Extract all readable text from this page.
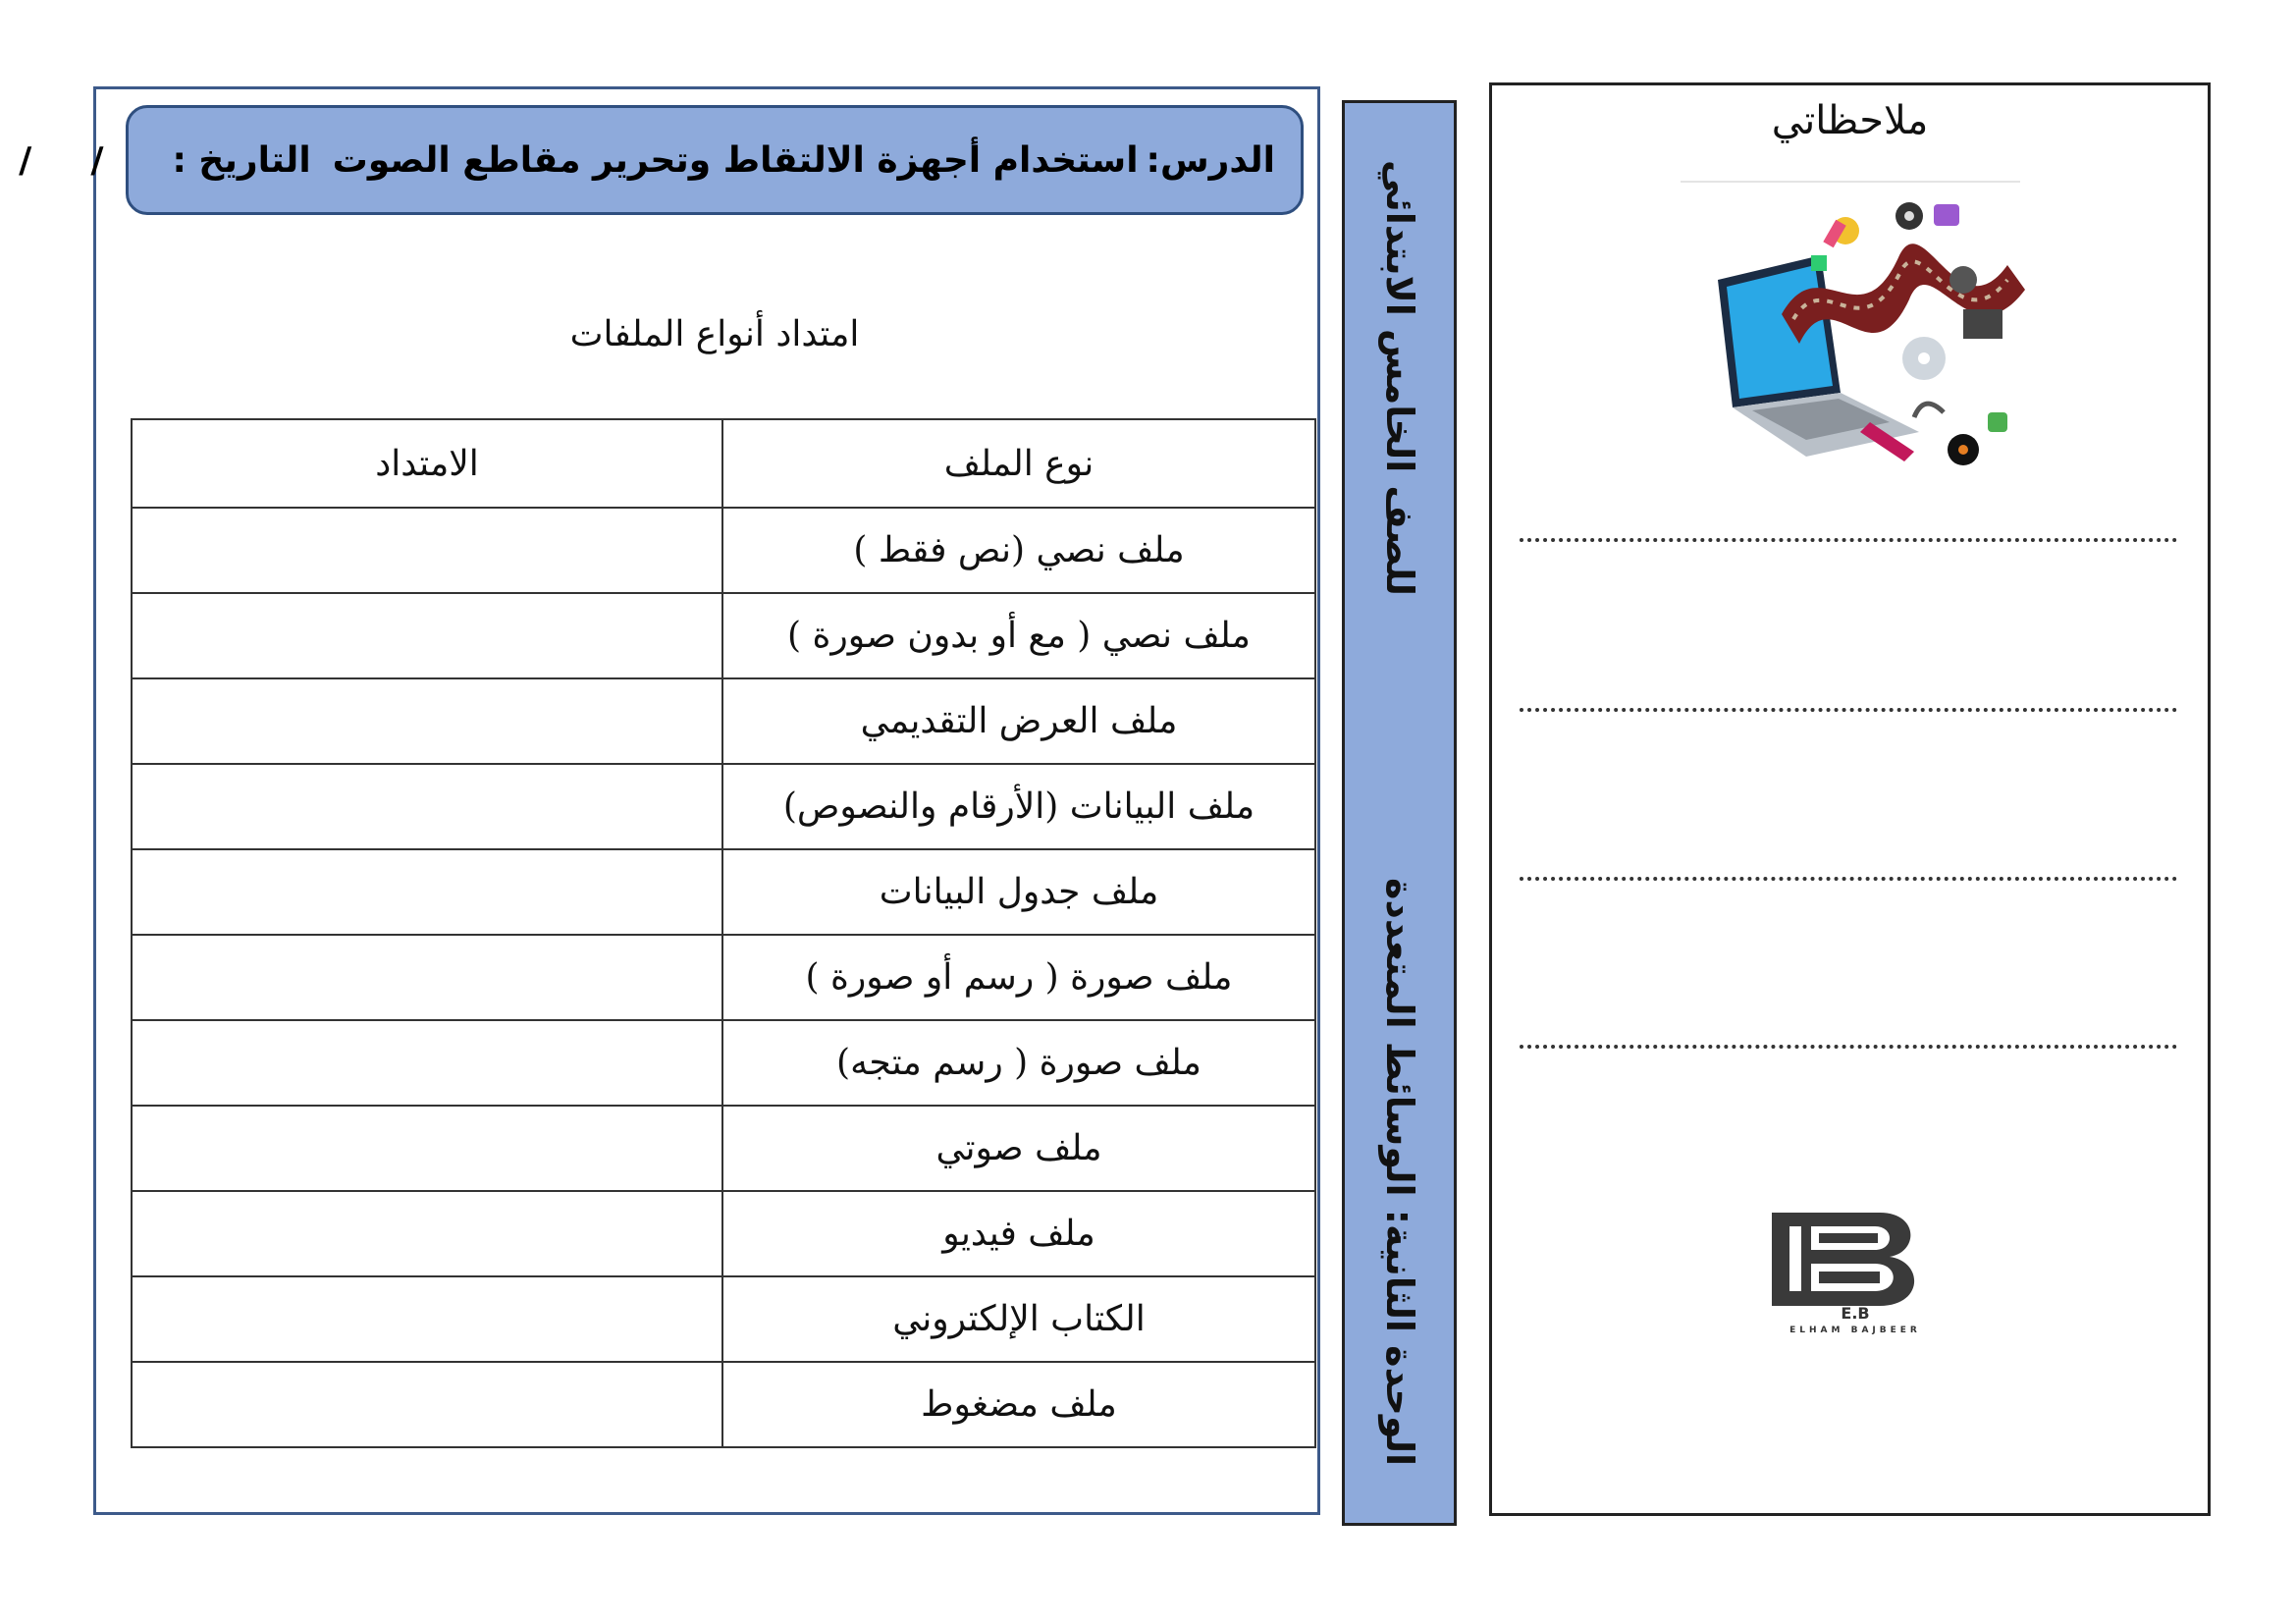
الدرس:
استخدام أجهزة الالتقاط وتحرير مقاطع الصوت
التاريخ :
/
/
امتداد أنواع الملفات
نوع الملف	الامتداد
ملف نصي (نص فقط )	
ملف نصي ( مع أو بدون صورة )	
ملف العرض التقديمي	
ملف البيانات (الأرقام والنصوص)	
ملف جدول البيانات	
ملف صورة ( رسم أو صورة )	
ملف صورة ( رسم متجه)	
ملف صوتي	
ملف فيديو	
الكتاب الإلكتروني	
ملف مضغوط		الوحدة الثانية: الوسائط المتعددة
للصف الخامس الابتدائي
ملاحظاتي
E.B
ELHAM BAJBEER
